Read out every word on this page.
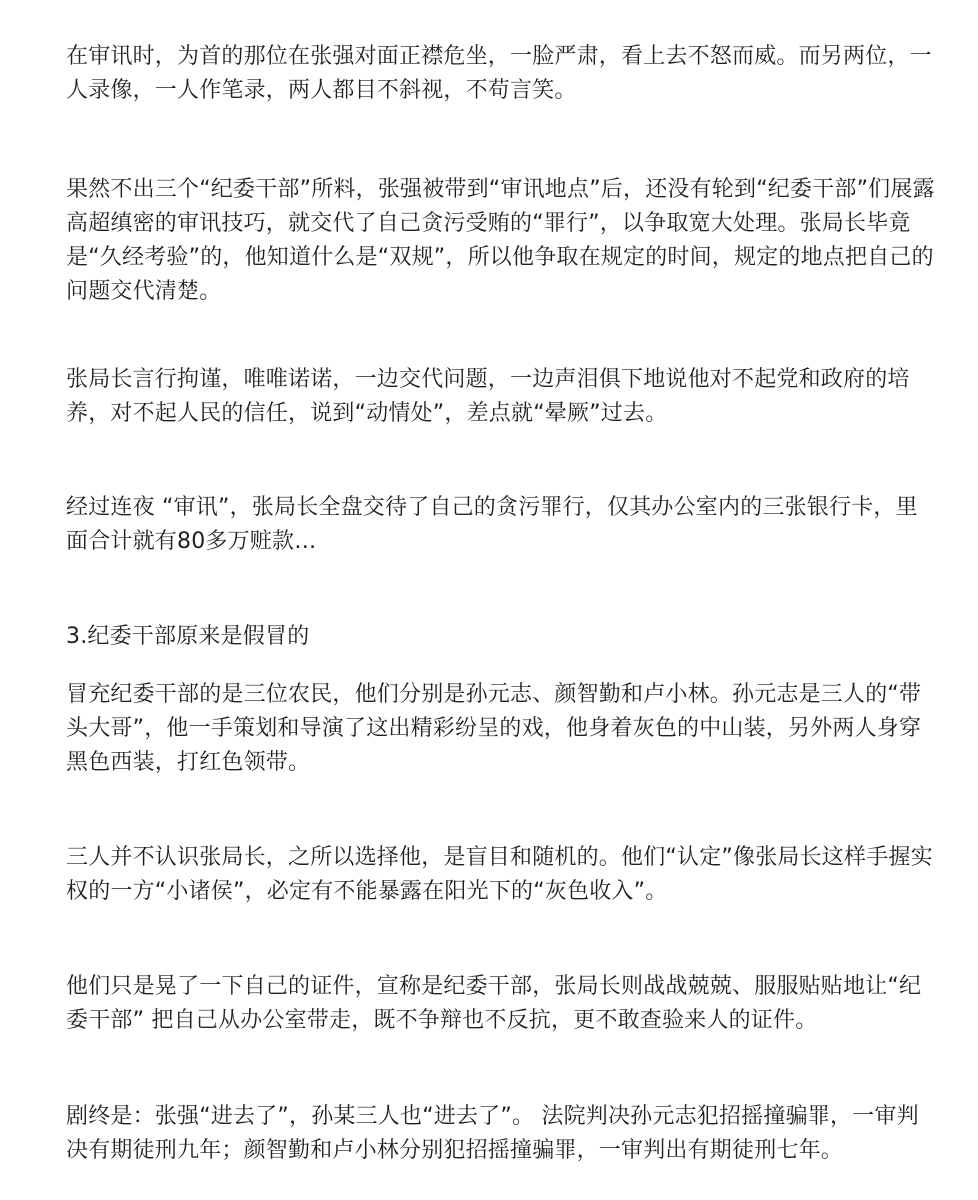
在审讯时，为首的那位在张强对面正襟危坐，一脸严肃，看上去不怒而威。而另两位，一人录像，一人作笔录，两人都目不斜视，不苟言笑。

果然不出三个“纪委干部”所料，张强被带到“审讯地点”后，还没有轮到“纪委干部”们展露高超缜密的审讯技巧，就交代了自己贪污受贿的“罪行”，以争取宽大处理。张局长毕竟是“久经考验”的，他知道什么是“双规”，所以他争取在规定的时间，规定的地点把自己的问题交代清楚。

张局长言行拘谨，唯唯诺诺，一边交代问题，一边声泪俱下地说他对不起党和政府的培养，对不起人民的信任，说到“动情处”，差点就“晕厥”过去。

经过连夜 “审讯”，张局长全盘交待了自己的贪污罪行，仅其办公室内的三张银行卡，里面合计就有80多万赃款…

3.纪委干部原来是假冒的

冒充纪委干部的是三位农民，他们分别是孙元志、颜智勤和卢小林。孙元志是三人的“带头大哥”，他一手策划和导演了这出精彩纷呈的戏，他身着灰色的中山装，另外两人身穿黑色西装，打红色领带。

三人并不认识张局长，之所以选择他，是盲目和随机的。他们“认定”像张局长这样手握实权的一方“小诸侯”，必定有不能暴露在阳光下的“灰色收入”。

他们只是晃了一下自己的证件，宣称是纪委干部，张局长则战战兢兢、服服贴贴地让“纪委干部” 把自己从办公室带走，既不争辩也不反抗，更不敢查验来人的证件。

剧终是：张强“进去了”，孙某三人也“进去了”。 法院判决孙元志犯招摇撞骗罪，一审判决有期徒刑九年；颜智勤和卢小林分别犯招摇撞骗罪，一审判出有期徒刑七年。
